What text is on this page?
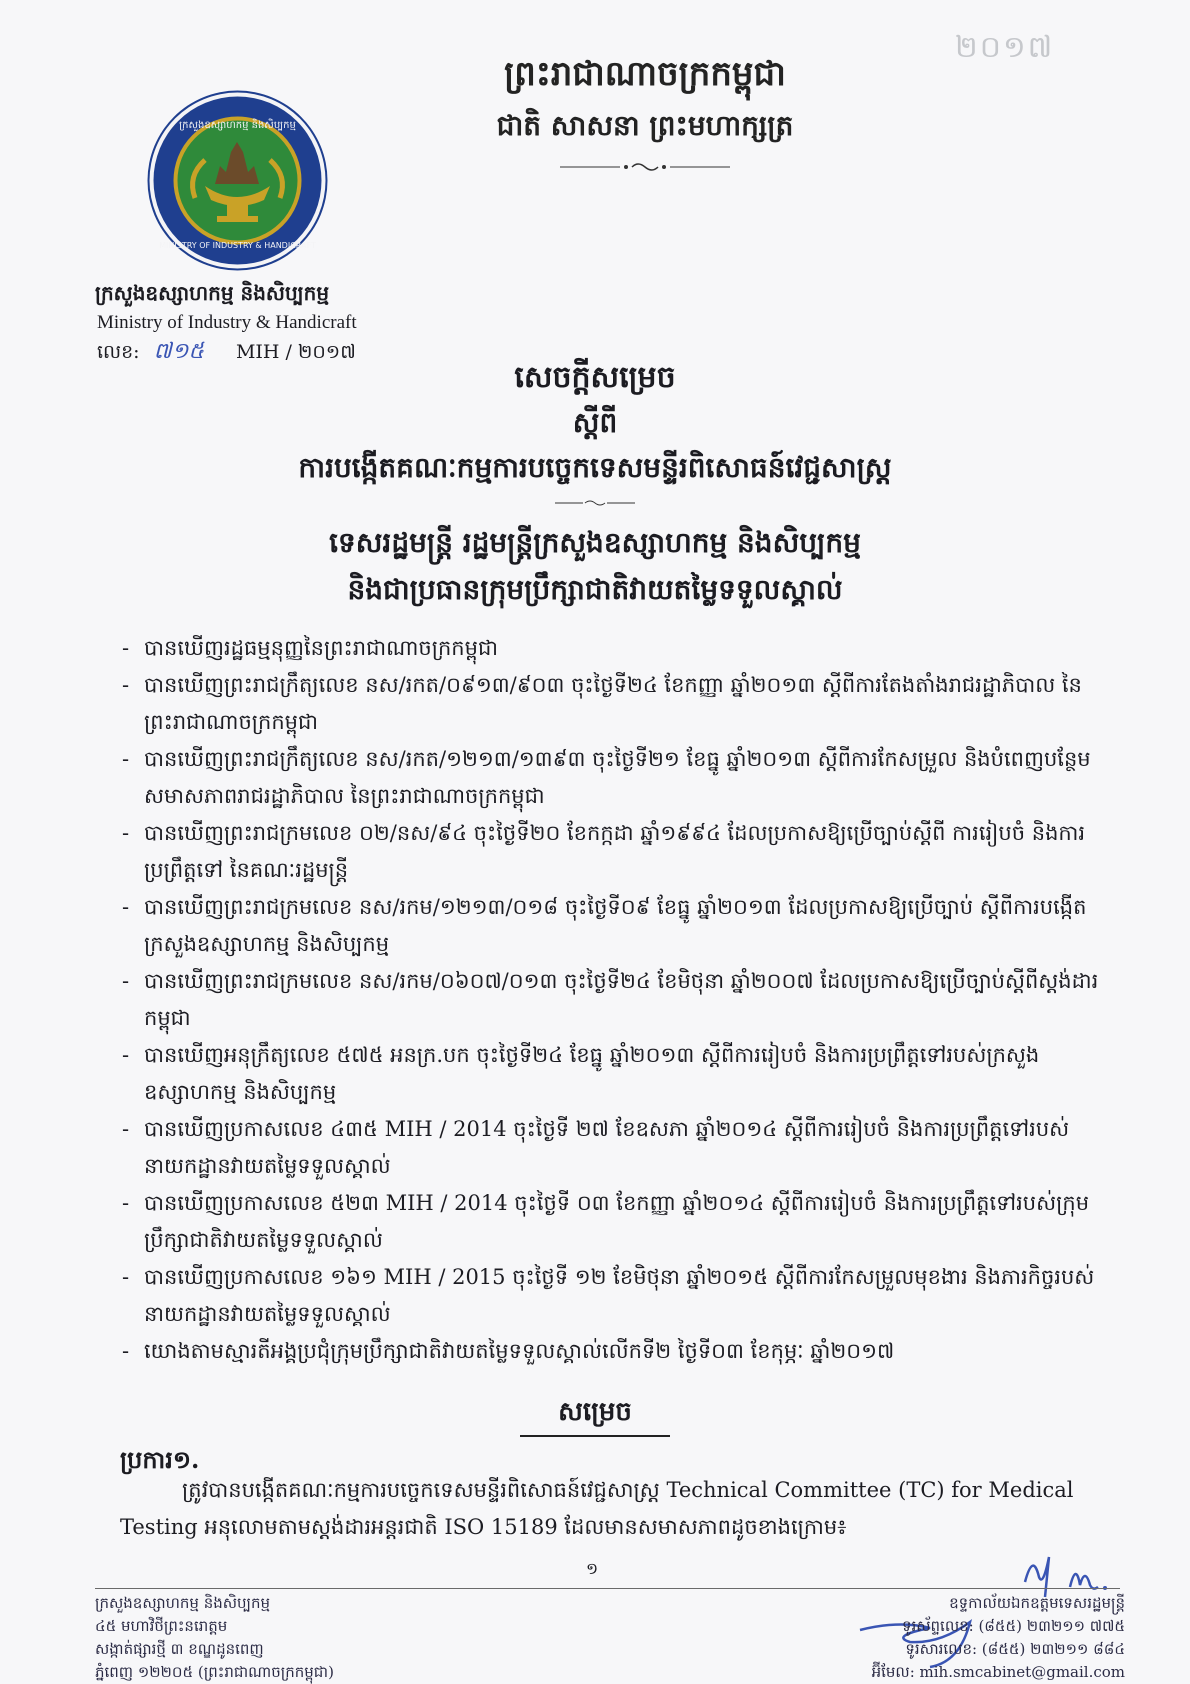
២០១៧
ព្រះរាជាណាចក្រកម្ពុជា
ជាតិ សាសនា ព្រះមហាក្សត្រ
ក្រសួងឧស្សាហកម្ម និងសិប្បកម្ម
MINISTRY OF INDUSTRY & HANDICRAFT
ក្រសួងឧស្សាហកម្ម និងសិប្បកម្ម
Ministry of Industry & Handicraft
លេខ: ៧១៥ MIH / ២០១៧
សេចក្តីសម្រេច
ស្តីពី
ការបង្កើតគណៈកម្មការបច្ចេកទេសមន្ទីរពិសោធន៍វេជ្ជសាស្ត្រ
ទេសរដ្ឋមន្ត្រី រដ្ឋមន្ត្រីក្រសួងឧស្សាហកម្ម និងសិប្បកម្ម
និងជាប្រធានក្រុមប្រឹក្សាជាតិវាយតម្លៃទទួលស្គាល់
- បានឃើញរដ្ឋធម្មនុញ្ញនៃព្រះរាជាណាចក្រកម្ពុជា
- បានឃើញព្រះរាជក្រឹត្យលេខ នស/រកត/០៩១៣/៩០៣ ចុះថ្ងៃទី២៤ ខែកញ្ញា ឆ្នាំ២០១៣ ស្តីពីការតែងតាំងរាជរដ្ឋាភិបាល នៃព្រះរាជាណាចក្រកម្ពុជា
- បានឃើញព្រះរាជក្រឹត្យលេខ នស/រកត/១២១៣/១៣៩៣ ចុះថ្ងៃទី២១ ខែធ្នូ ឆ្នាំ២០១៣ ស្តីពីការកែសម្រួល និងបំពេញបន្ថែមសមាសភាពរាជរដ្ឋាភិបាល នៃព្រះរាជាណាចក្រកម្ពុជា
- បានឃើញព្រះរាជក្រមលេខ ០២/នស/៩៤ ចុះថ្ងៃទី២០ ខែកក្កដា ឆ្នាំ១៩៩៤ ដែលប្រកាសឱ្យប្រើច្បាប់ស្តីពី ការរៀបចំ និងការប្រព្រឹត្តទៅ នៃគណៈរដ្ឋមន្ត្រី
- បានឃើញព្រះរាជក្រមលេខ នស/រកម/១២១៣/០១៨ ចុះថ្ងៃទី០៩ ខែធ្នូ ឆ្នាំ២០១៣ ដែលប្រកាសឱ្យប្រើច្បាប់ ស្តីពីការបង្កើតក្រសួងឧស្សាហកម្ម និងសិប្បកម្ម
- បានឃើញព្រះរាជក្រមលេខ នស/រកម/០៦០៧/០១៣ ចុះថ្ងៃទី២៤ ខែមិថុនា ឆ្នាំ២០០៧ ដែលប្រកាសឱ្យប្រើច្បាប់ស្តីពីស្តង់ដារកម្ពុជា
- បានឃើញអនុក្រឹត្យលេខ ៥៧៥ អនក្រ.បក ចុះថ្ងៃទី២៤ ខែធ្នូ ឆ្នាំ២០១៣ ស្តីពីការរៀបចំ និងការប្រព្រឹត្តទៅរបស់ក្រសួងឧស្សាហកម្ម និងសិប្បកម្ម
- បានឃើញប្រកាសលេខ ៤៣៥ MIH / 2014 ចុះថ្ងៃទី ២៧ ខែឧសភា ឆ្នាំ២០១៤ ស្តីពីការរៀបចំ និងការប្រព្រឹត្តទៅរបស់នាយកដ្ឋានវាយតម្លៃទទួលស្គាល់
- បានឃើញប្រកាសលេខ ៥២៣ MIH / 2014 ចុះថ្ងៃទី ០៣ ខែកញ្ញា ឆ្នាំ២០១៤ ស្តីពីការរៀបចំ និងការប្រព្រឹត្តទៅរបស់ក្រុមប្រឹក្សាជាតិវាយតម្លៃទទួលស្គាល់
- បានឃើញប្រកាសលេខ ១៦១ MIH / 2015 ចុះថ្ងៃទី ១២ ខែមិថុនា ឆ្នាំ២០១៥ ស្តីពីការកែសម្រួលមុខងារ និងភារកិច្ចរបស់នាយកដ្ឋានវាយតម្លៃទទួលស្គាល់
- យោងតាមស្មារតីអង្គប្រជុំក្រុមប្រឹក្សាជាតិវាយតម្លៃទទួលស្គាល់លើកទី២ ថ្ងៃទី០៣ ខែកុម្ភៈ ឆ្នាំ២០១៧
សម្រេច
ប្រការ១.
ត្រូវបានបង្កើតគណៈកម្មការបច្ចេកទេសមន្ទីរពិសោធន៍វេជ្ជសាស្ត្រ Technical Committee (TC) for Medical Testing អនុលោមតាមស្តង់ដារអន្តរជាតិ ISO 15189 ដែលមានសមាសភាពដូចខាងក្រោម៖
១
ក្រសួងឧស្សាហកម្ម និងសិប្បកម្ម
៤៥ មហាវិថីព្រះនរោត្តម
សង្កាត់ផ្សារថ្មី ៣ ខណ្ឌដូនពេញ
ភ្នំពេញ ១២២០៥ (ព្រះរាជាណាចក្រកម្ពុជា)
ឧទ្ទកាល័យឯកឧត្តមទេសរដ្ឋមន្ត្រី
ទូរស័ព្ទលេខ: (៨៥៥) ២៣២១១ ៧៧៥
ទូរសារលេខ: (៨៥៥) ២៣២១១ ៨៨៤
អ៊ីមែល: mih.smcabinet@gmail.com
